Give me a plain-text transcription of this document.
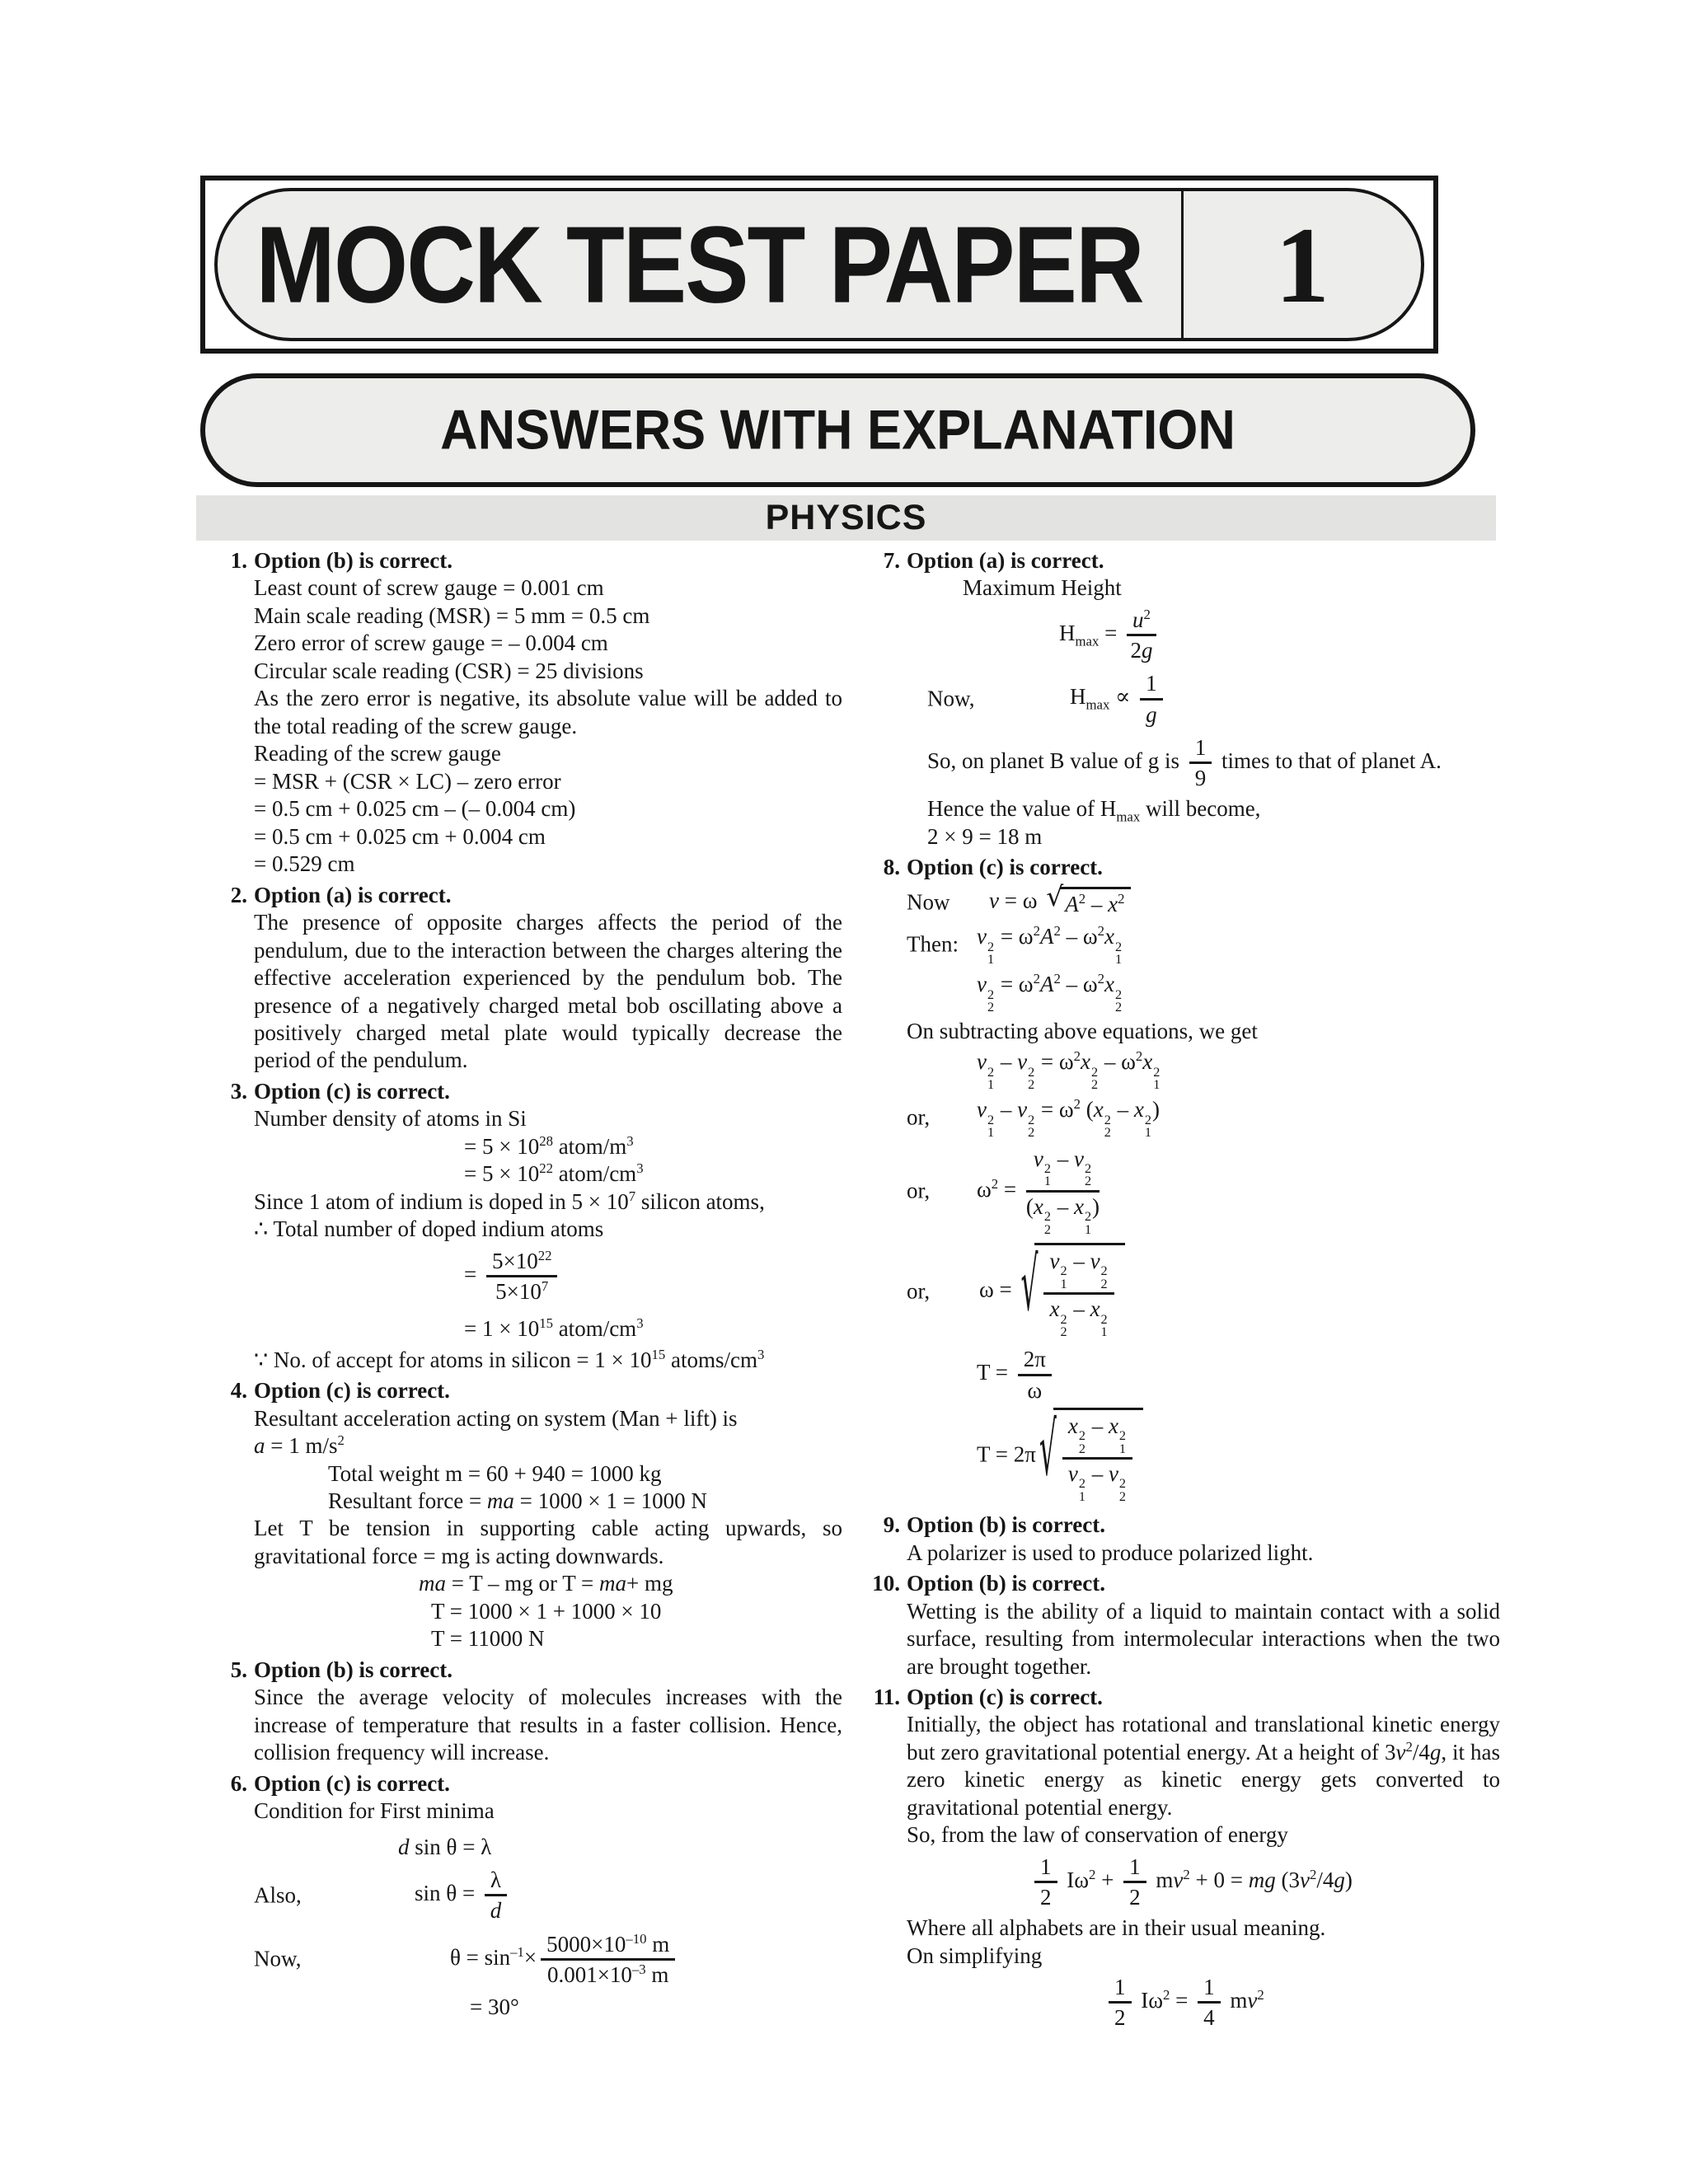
MOCK TEST PAPER	1
ANSWERS WITH EXPLANATION
PHYSICS
1. Option (b) is correct.
Least count of screw gauge = 0.001 cm
Main scale reading (MSR) = 5 mm = 0.5 cm
Zero error of screw gauge = – 0.004 cm
Circular scale reading (CSR) = 25 divisions
As the zero error is negative, its absolute value will be added to the total reading of the screw gauge.
Reading of the screw gauge
= MSR + (CSR × LC) – zero error
= 0.5 cm + 0.025 cm – (– 0.004 cm)
= 0.5 cm + 0.025 cm + 0.004 cm
= 0.529 cm
2. Option (a) is correct.
The presence of opposite charges affects the period of the pendulum, due to the interaction between the charges altering the effective acceleration experienced by the pendulum bob. The presence of a negatively charged metal bob oscillating above a positively charged metal plate would typically decrease the period of the pendulum.
3. Option (c) is correct.
Number density of atoms in Si
= $5 \times 10^{28}$ atom/$m^3$
= $5 \times 10^{22}$ atom/$cm^3$
Since 1 atom of indium is doped in $5 \times 10^7$ silicon atoms,
∴ Total number of doped indium atoms
= $\frac{5\times 10^{22}}{5\times 10^7}$
= $1 \times 10^{15}$ atom/$cm^3$
∵ No. of accept for atoms in silicon = $1 \times 10^{15}$ atoms/$cm^3$
4. Option (c) is correct.
Resultant acceleration acting on system (Man + lift) is
a = 1 $m/s^2$
Total weight m = 60 + 940 = 1000 kg
Resultant force = ma = 1000 × 1 = 1000 N
Let T be tension in supporting cable acting upwards, so gravitational force = mg is acting downwards.
ma = T – mg or T = ma+ mg
T = 1000 × 1 + 1000 × 10
T = 11000 N
5. Option (b) is correct.
Since the average velocity of molecules increases with the increase of temperature that results in a faster collision. Hence, collision frequency will increase.
6. Option (c) is correct.
Condition for First minima
d sin θ = λ
Also,	$\sin \theta = \frac{\lambda}{d}$
Now,	$\theta = \sin^{-1}\times \frac{5000\times 10^{-10} m}{0.001\times 10^{-3} m}$
= 30°
7. Option (a) is correct.
Maximum Height
$H_{max} = \frac{u^2}{2g}$
Now,	$H_{max} \propto \frac{1}{g}$
So, on planet B value of g is $\frac{1}{9}$ times to that of planet A.
Hence the value of $H_{max}$ will become,
2 × 9 = 18 m
8. Option (c) is correct.
Now v = ω √ $A^2 - x^2$
Then: v 2
1
= $\omega^2A^2 - \omega^2x$ 2
1
v 2
2
= $\omega^2A^2 - \omega^2x$ 2
2
On subtracting above equations, we get
v 2
1
– v 2
2
= $\omega^2x$ 2
2
– $\omega^2x$ 2
1
or, v 2
1
– v 2
2
= $\omega^2$ (x 2
2
– x 2
1
)
or, $\omega^2 = v$ 2
1
– v 2
2
(x 2
2
– x 2
1
)
or, ω = √ v 2
1
– v 2
2
x 2
2
– x 2
1
$T = \frac{2\pi}{\omega}$
T = 2π √ x 2
2
– x 2
1
v 2
1
– v 2
2
9. Option (b) is correct.
A polarizer is used to produce polarized light.
10. Option (b) is correct.
Wetting is the ability of a liquid to maintain contact with a solid surface, resulting from intermolecular interactions when the two are brought together.
11. Option (c) is correct.
Initially, the object has rotational and translational kinetic energy but zero gravitational potential energy. At a height of $3v^2/4g$, it has zero kinetic energy as kinetic energy gets converted to gravitational potential energy.
So, from the law of conservation of energy
$\frac{1}{2} I\omega^2 + \frac{1}{2} mv^2 + 0$ = mg $(3v^2/4g)$
Where all alphabets are in their usual meaning.
On simplifying
$\frac{1}{2} I\omega^2 = \frac{1}{4} mv^2$
